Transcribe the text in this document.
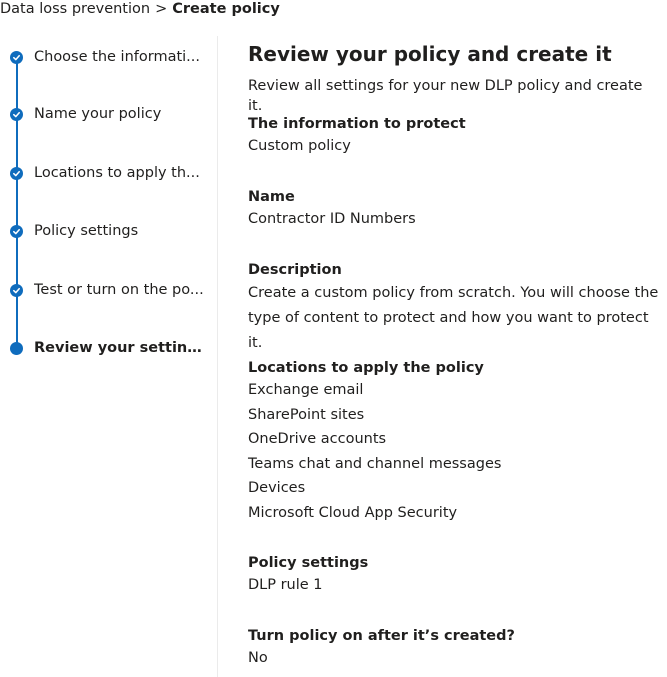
Data loss prevention > Create policy
Choose the informati...
Name your policy
Locations to apply th...
Policy settings
Test or turn on the po...
Review your settings
Review your policy and create it
Review all settings for your new DLP policy and create it.
The information to protect
Custom policy
Name
Contractor ID Numbers
Description
Create a custom policy from scratch. You will choose the type of content to protect and how you want to protect it.
Locations to apply the policy
Exchange email
SharePoint sites
OneDrive accounts
Teams chat and channel messages
Devices
Microsoft Cloud App Security
Policy settings
DLP rule 1
Turn policy on after it’s created?
No
